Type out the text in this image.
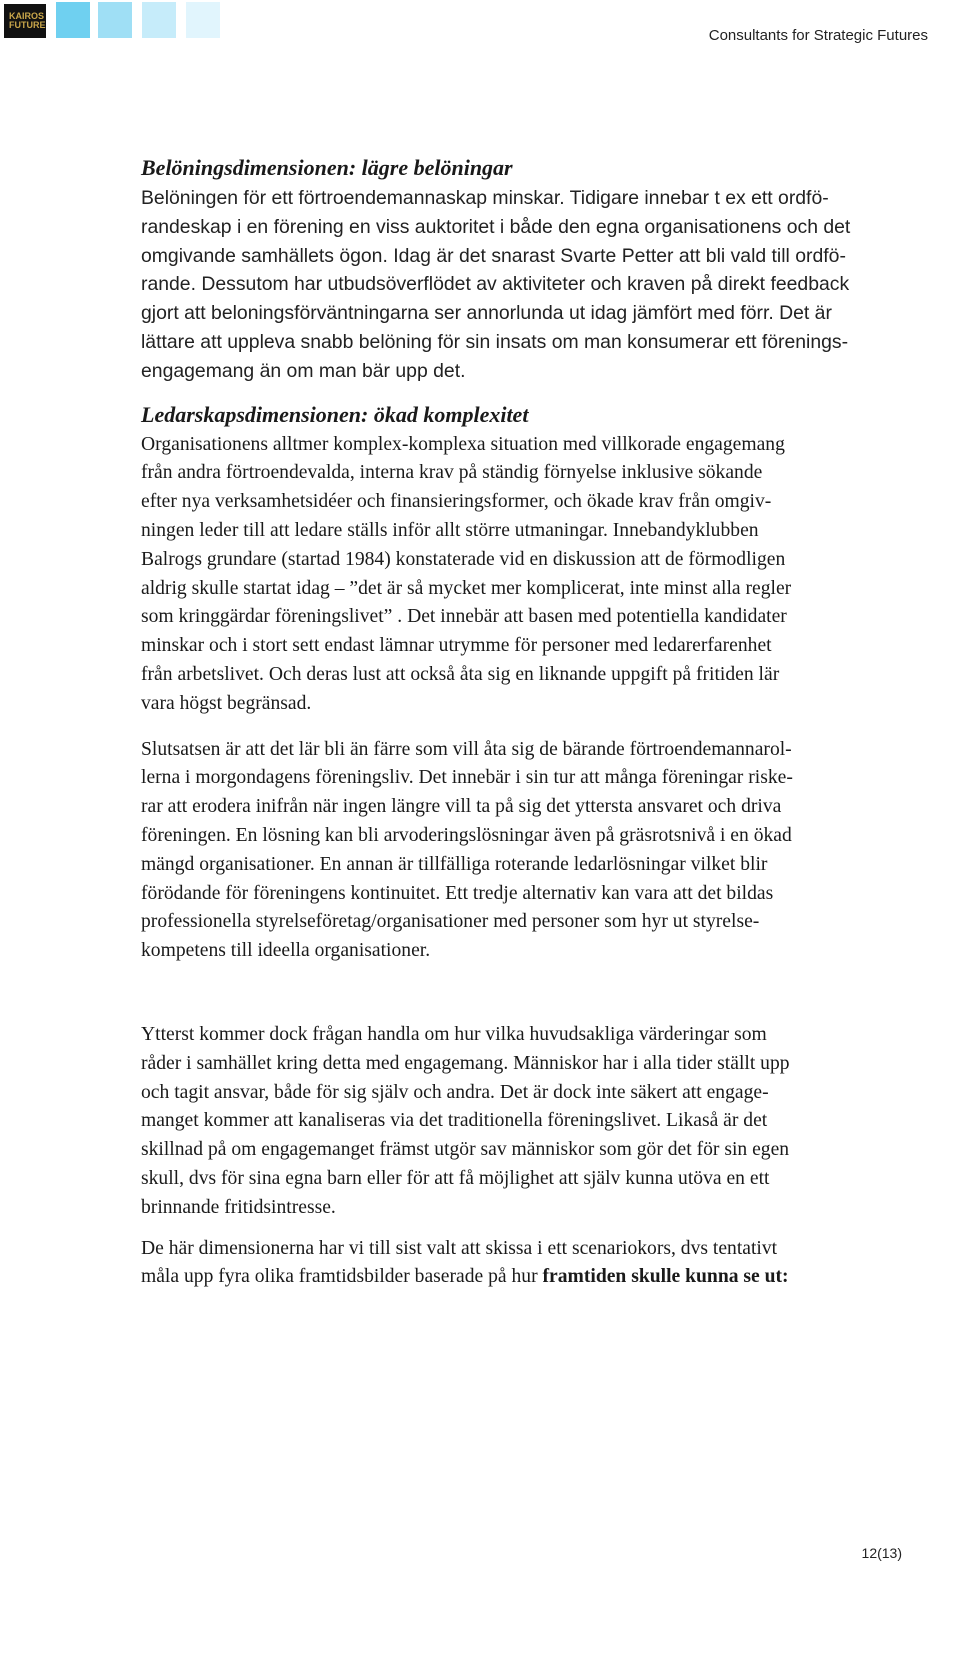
KAIROS
FUTURE
Consultants for Strategic Futures
Belöningsdimensionen: lägre belöningar

Belöningen för ett förtroendemannaskap minskar. Tidigare innebar t ex ett ordfö-
randeskap i en förening en viss auktoritet i både den egna organisationens och det
omgivande samhällets ögon. Idag är det snarast Svarte Petter att bli vald till ordfö-
rande. Dessutom har utbudsöverflödet av aktiviteter och kraven på direkt feedback
gjort att beloningsförväntningarna ser annorlunda ut idag jämfört med förr. Det är
lättare att uppleva snabb belöning för sin insats om man konsumerar ett förenings-
engagemang än om man bär upp det.

Ledarskapsdimensionen: ökad komplexitet

Organisationens alltmer komplex-komplexa situation med villkorade engagemang
från andra förtroendevalda, interna krav på ständig förnyelse inklusive sökande
efter nya verksamhetsidéer och finansieringsformer, och ökade krav från omgiv-
ningen leder till att ledare ställs inför allt större utmaningar. Innebandyklubben
Balrogs grundare (startad 1984) konstaterade vid en diskussion att de förmodligen
aldrig skulle startat idag – ”det är så mycket mer komplicerat, inte minst alla regler
som kringgärdar föreningslivet” . Det innebär att basen med potentiella kandidater
minskar och i stort sett endast lämnar utrymme för personer med ledarerfarenhet
från arbetslivet. Och deras lust att också åta sig en liknande uppgift på fritiden lär
vara högst begränsad.

Slutsatsen är att det lär bli än färre som vill åta sig de bärande förtroendemannarol-
lerna i morgondagens föreningsliv. Det innebär i sin tur att många föreningar riske-
rar att erodera inifrån när ingen längre vill ta på sig det yttersta ansvaret och driva
föreningen. En lösning kan bli arvoderingslösningar även på gräsrotsnivå i en ökad
mängd organisationer. En annan är tillfälliga roterande ledarlösningar vilket blir
förödande för föreningens kontinuitet. Ett tredje alternativ kan vara att det bildas
professionella styrelseföretag/organisationer med personer som hyr ut styrelse-
kompetens till ideella organisationer.

Ytterst kommer dock frågan handla om hur vilka huvudsakliga värderingar som
råder i samhället kring detta med engagemang. Människor har i alla tider ställt upp
och tagit ansvar, både för sig själv och andra. Det är dock inte säkert att engage-
manget kommer att kanaliseras via det traditionella föreningslivet. Likaså är det
skillnad på om engagemanget främst utgör sav människor som gör det för sin egen
skull, dvs för sina egna barn eller för att få möjlighet att själv kunna utöva en ett
brinnande fritidsintresse.

De här dimensionerna har vi till sist valt att skissa i ett scenariokors, dvs tentativt
måla upp fyra olika framtidsbilder baserade på hur framtiden skulle kunna se ut:

12(13)
